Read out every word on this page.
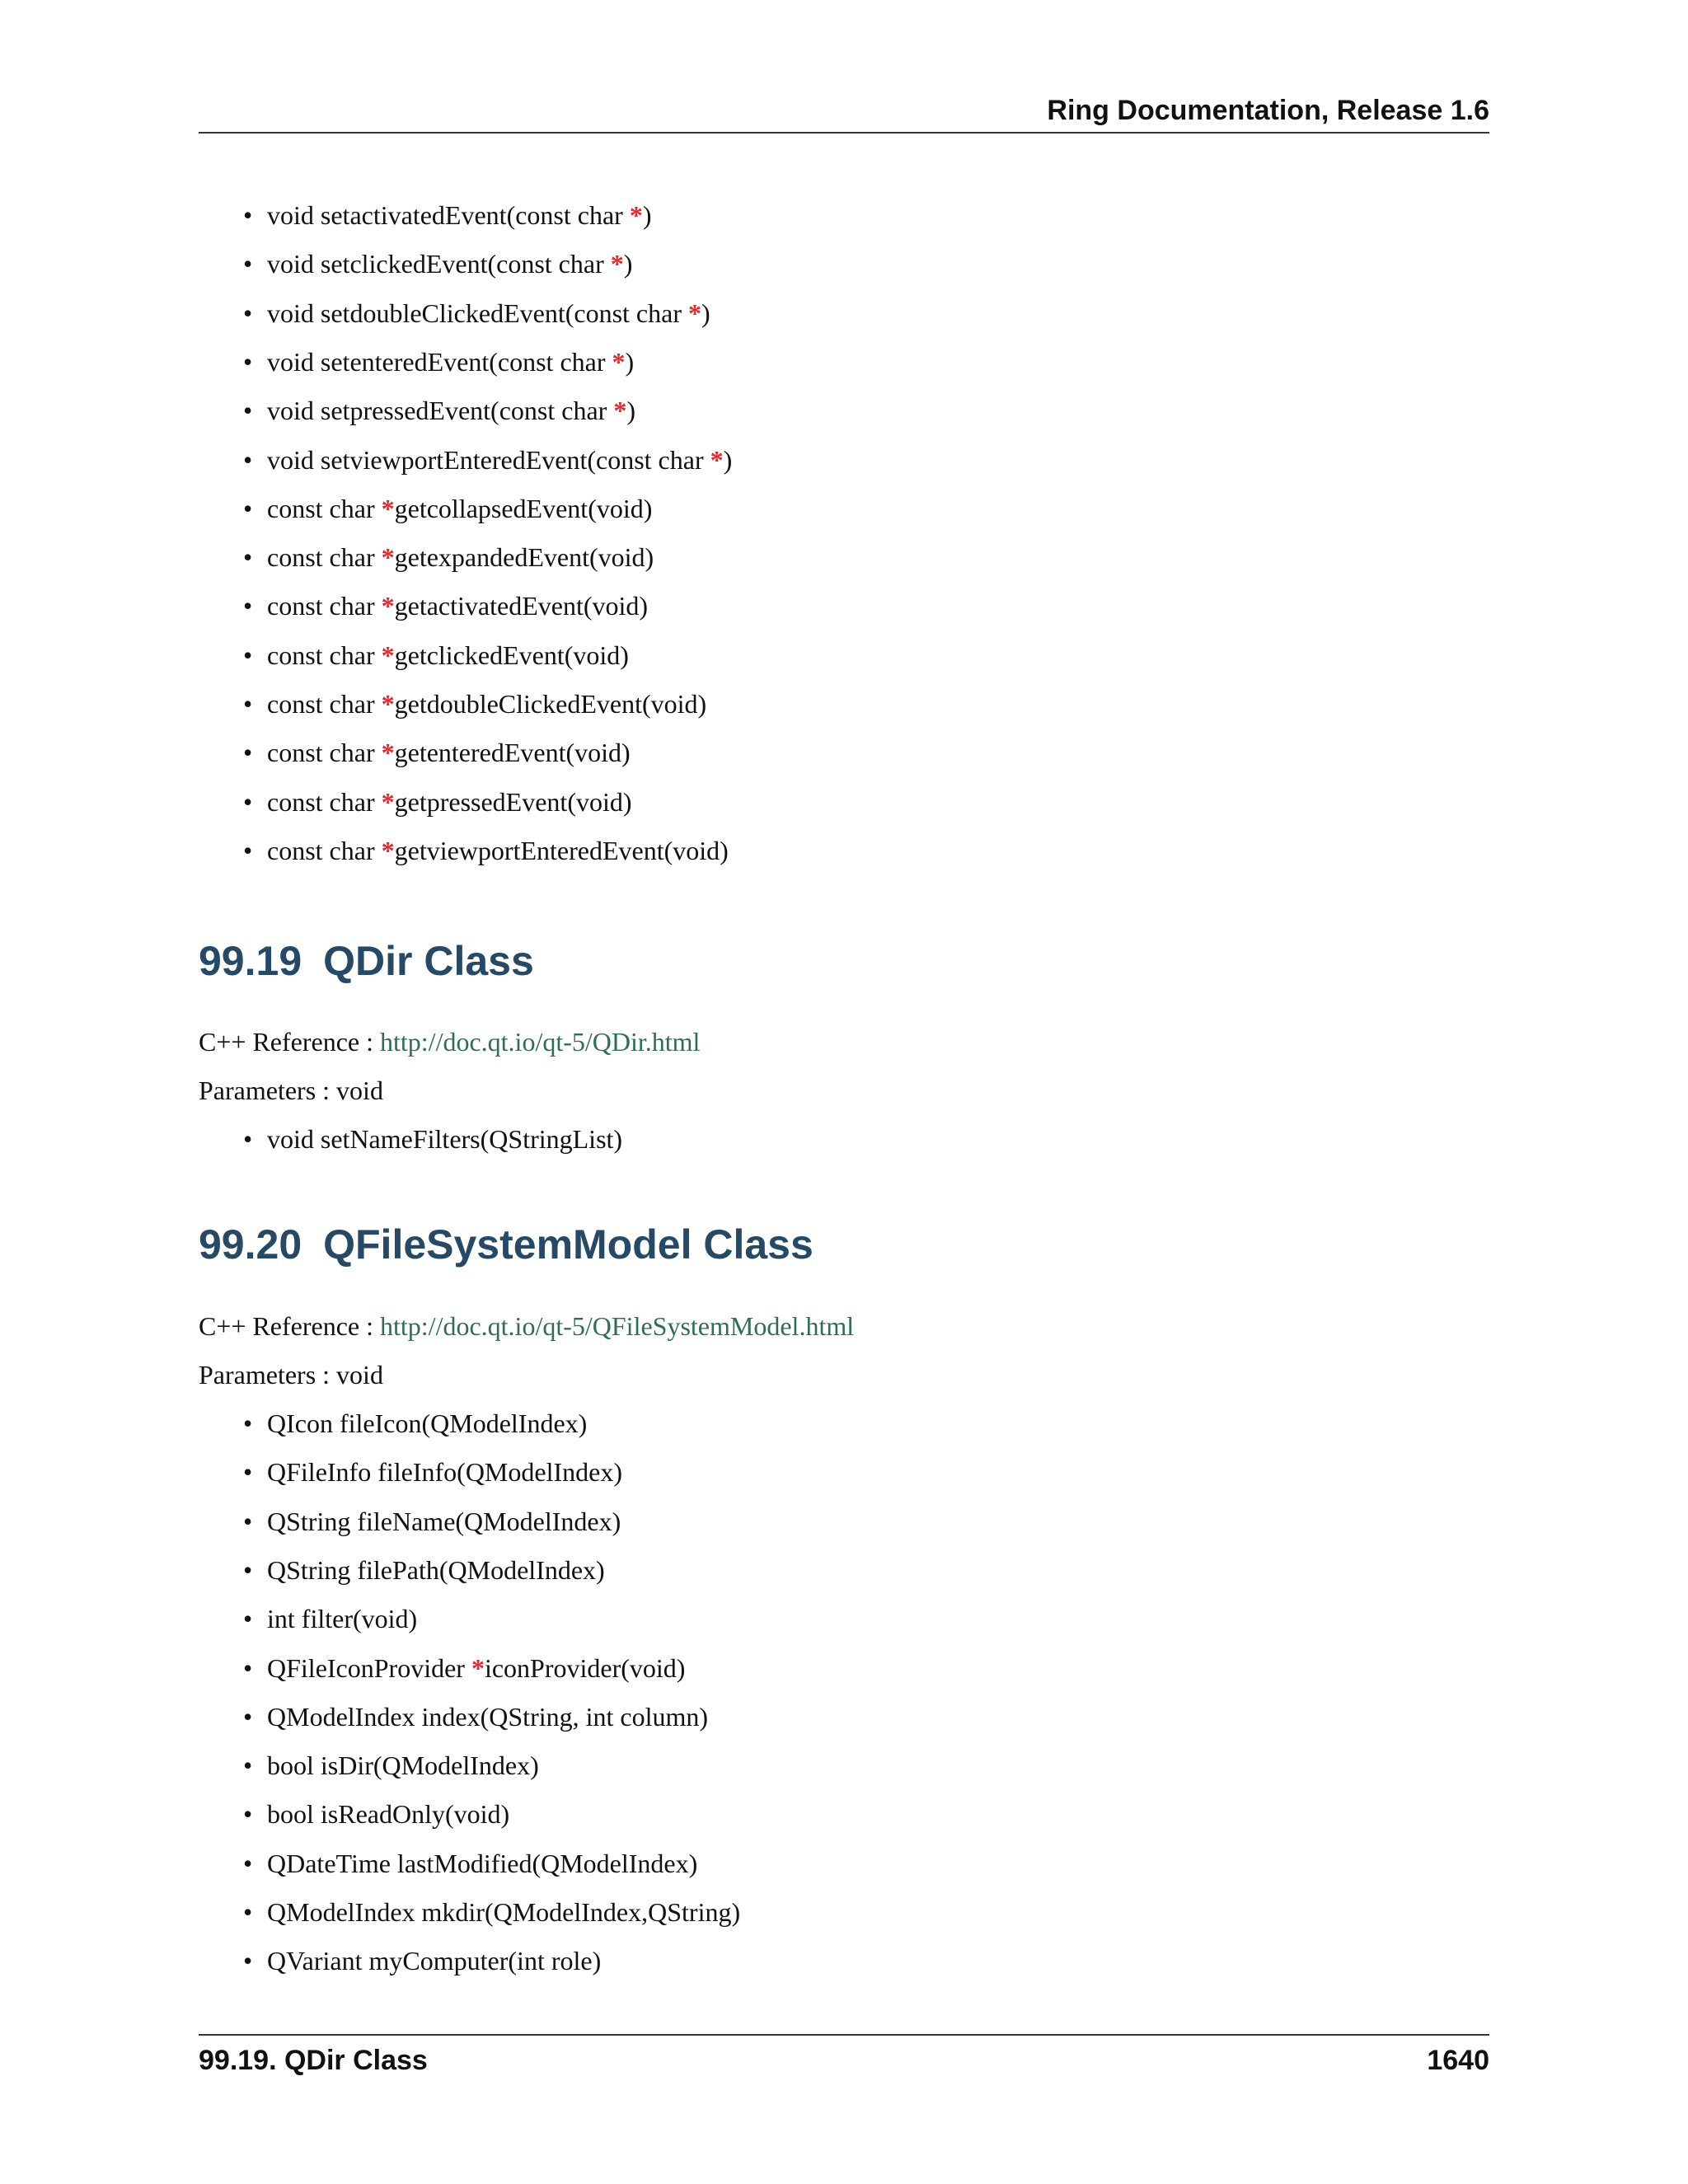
Ring Documentation, Release 1.6
• void setactivatedEvent(const char *)
• void setclickedEvent(const char *)
• void setdoubleClickedEvent(const char *)
• void setenteredEvent(const char *)
• void setpressedEvent(const char *)
• void setviewportEnteredEvent(const char *)
• const char *getcollapsedEvent(void)
• const char *getexpandedEvent(void)
• const char *getactivatedEvent(void)
• const char *getclickedEvent(void)
• const char *getdoubleClickedEvent(void)
• const char *getenteredEvent(void)
• const char *getpressedEvent(void)
• const char *getviewportEnteredEvent(void)
99.19 QDir Class
C++ Reference : http://doc.qt.io/qt-5/QDir.html
Parameters : void
• void setNameFilters(QStringList)
99.20 QFileSystemModel Class
C++ Reference : http://doc.qt.io/qt-5/QFileSystemModel.html
Parameters : void
• QIcon fileIcon(QModelIndex)
• QFileInfo fileInfo(QModelIndex)
• QString fileName(QModelIndex)
• QString filePath(QModelIndex)
• int filter(void)
• QFileIconProvider *iconProvider(void)
• QModelIndex index(QString, int column)
• bool isDir(QModelIndex)
• bool isReadOnly(void)
• QDateTime lastModified(QModelIndex)
• QModelIndex mkdir(QModelIndex,QString)
• QVariant myComputer(int role)
99.19. QDir Class	1640
